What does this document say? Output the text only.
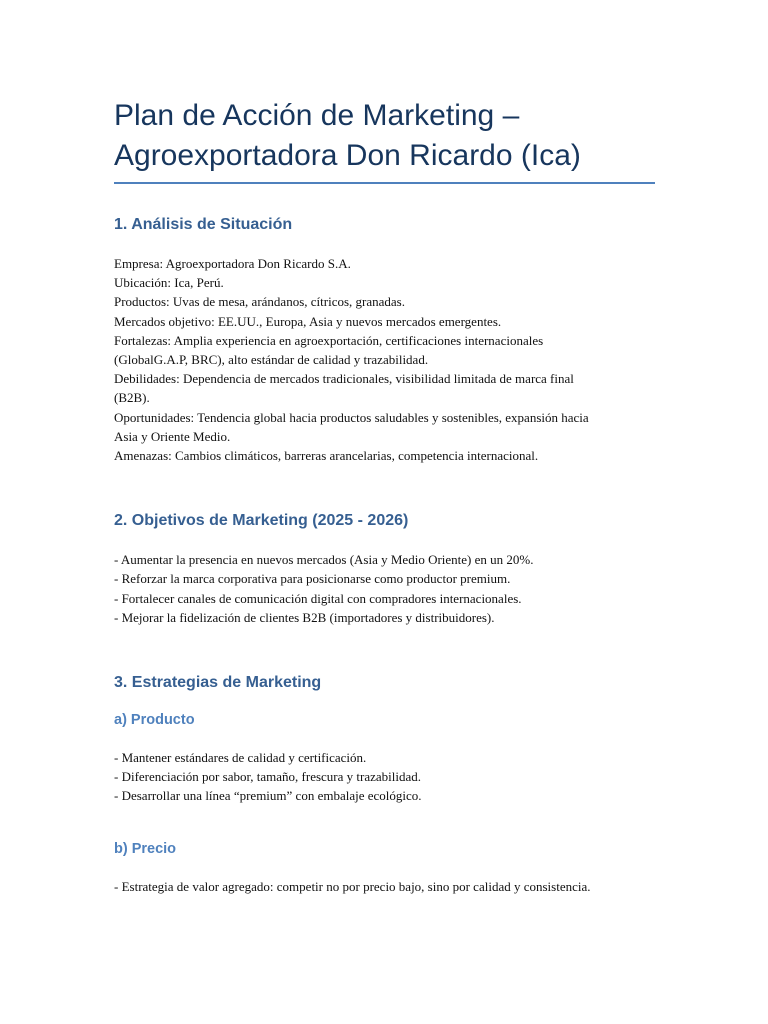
Plan de Acción de Marketing –
Agroexportadora Don Ricardo (Ica)
1. Análisis de Situación

Empresa: Agroexportadora Don Ricardo S.A.
Ubicación: Ica, Perú.
Productos: Uvas de mesa, arándanos, cítricos, granadas.
Mercados objetivo: EE.UU., Europa, Asia y nuevos mercados emergentes.
Fortalezas: Amplia experiencia en agroexportación, certificaciones internacionales
(GlobalG.A.P, BRC), alto estándar de calidad y trazabilidad.
Debilidades: Dependencia de mercados tradicionales, visibilidad limitada de marca final
(B2B).
Oportunidades: Tendencia global hacia productos saludables y sostenibles, expansión hacia
Asia y Oriente Medio.
Amenazas: Cambios climáticos, barreras arancelarias, competencia internacional.

2. Objetivos de Marketing (2025 - 2026)

- Aumentar la presencia en nuevos mercados (Asia y Medio Oriente) en un 20%.
- Reforzar la marca corporativa para posicionarse como productor premium.
- Fortalecer canales de comunicación digital con compradores internacionales.
- Mejorar la fidelización de clientes B2B (importadores y distribuidores).

3. Estrategias de Marketing
a) Producto

- Mantener estándares de calidad y certificación.
- Diferenciación por sabor, tamaño, frescura y trazabilidad.
- Desarrollar una línea “premium” con embalaje ecológico.

b) Precio

- Estrategia de valor agregado: competir no por precio bajo, sino por calidad y consistencia.
